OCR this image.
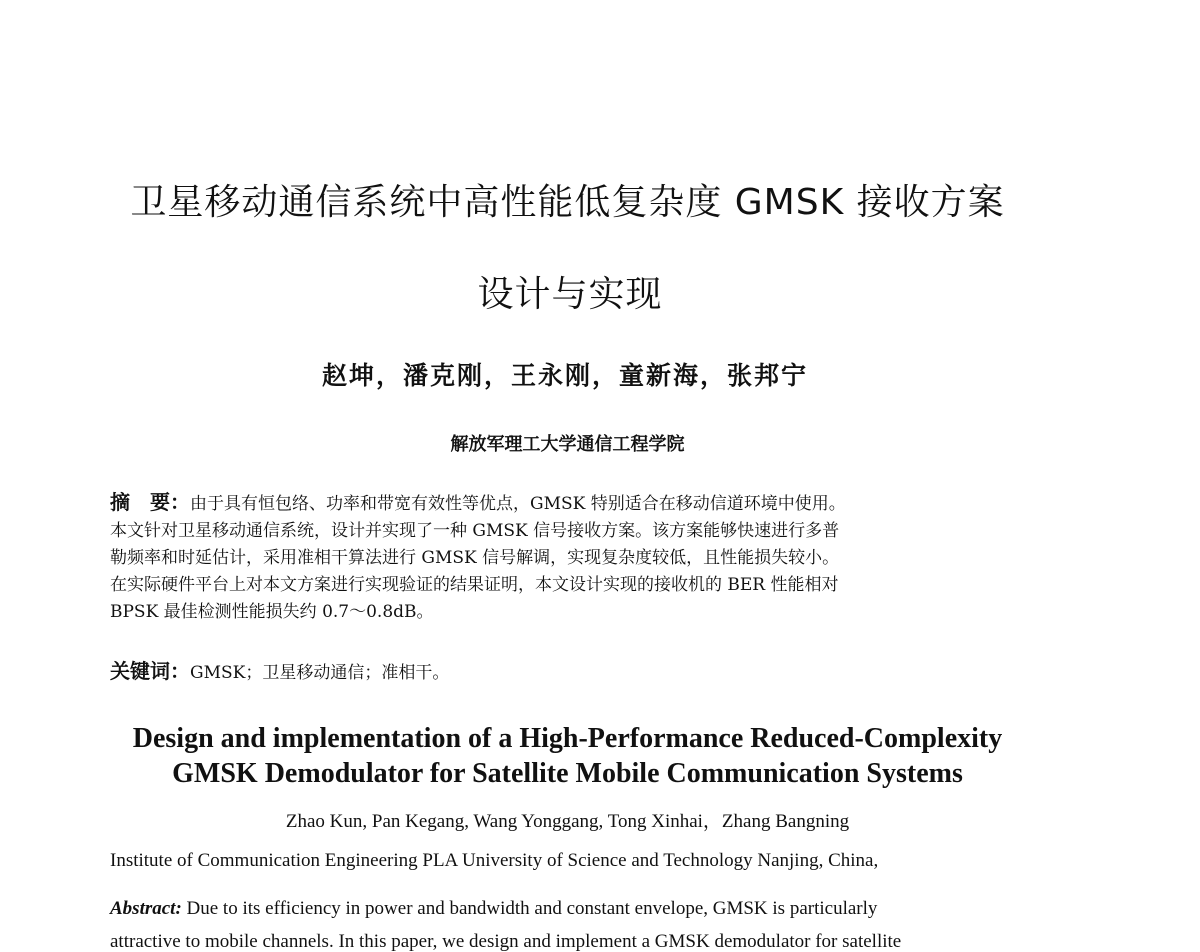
卫星移动通信系统中高性能低复杂度 GMSK 接收方案
设计与实现
赵坤，潘克刚，王永刚，童新海，张邦宁
解放军理工大学通信工程学院
摘　要：由于具有恒包络、功率和带宽有效性等优点，GMSK 特别适合在移动信道环境中使用。
本文针对卫星移动通信系统，设计并实现了一种 GMSK 信号接收方案。该方案能够快速进行多普
勒频率和时延估计，采用准相干算法进行 GMSK 信号解调，实现复杂度较低，且性能损失较小。
在实际硬件平台上对本文方案进行实现验证的结果证明，本文设计实现的接收机的 BER 性能相对
BPSK 最佳检测性能损失约 0.7～0.8dB。
关键词：GMSK；卫星移动通信；准相干。
Design and implementation of a High-Performance Reduced-Complexity
GMSK Demodulator for Satellite Mobile Communication Systems
Zhao Kun, Pan Kegang, Wang Yonggang, Tong Xinhai，Zhang Bangning
Institute of Communication Engineering PLA University of Science and Technology Nanjing, China,
Abstract: Due to its efficiency in power and bandwidth and constant envelope, GMSK is particularly
attractive to mobile channels. In this paper, we design and implement a GMSK demodulator for satellite
